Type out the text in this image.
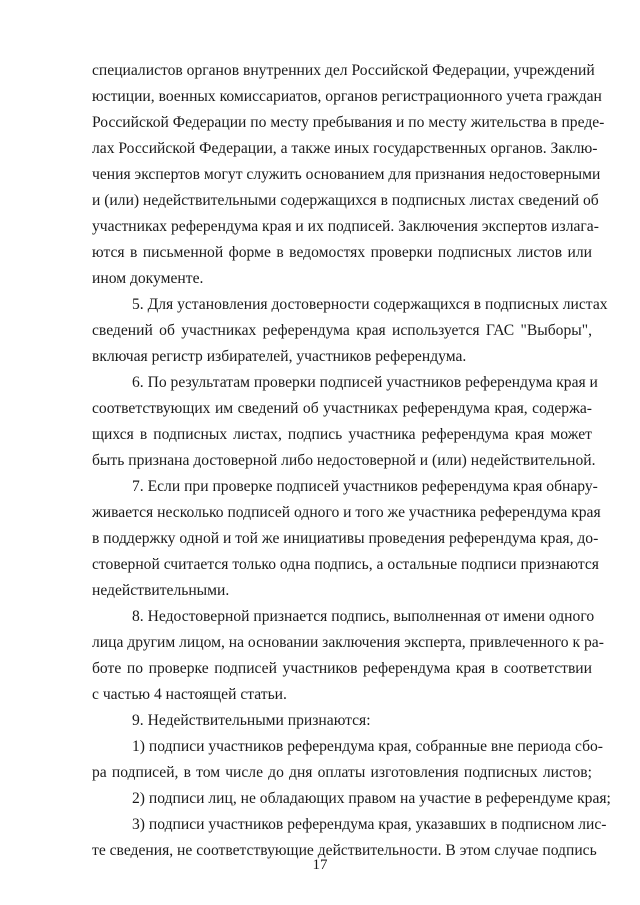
специалистов органов внутренних дел Российской Федерации, учреждений
юстиции, военных комиссариатов, органов регистрационного учета граждан
Российской Федерации по месту пребывания и по месту жительства в преде-
лах Российской Федерации, а также иных государственных органов. Заклю-
чения экспертов могут служить основанием для признания недостоверными
и (или) недействительными содержащихся в подписных листах сведений об
участниках референдума края и их подписей. Заключения экспертов излага-
ются в письменной форме в ведомостях проверки подписных листов или
ином документе.
5. Для установления достоверности содержащихся в подписных листах
сведений об участниках референдума края используется ГАС "Выборы",
включая регистр избирателей, участников референдума.
6. По результатам проверки подписей участников референдума края и
соответствующих им сведений об участниках референдума края, содержа-
щихся в подписных листах, подпись участника референдума края может
быть признана достоверной либо недостоверной и (или) недействительной.
7. Если при проверке подписей участников референдума края обнару-
живается несколько подписей одного и того же участника референдума края
в поддержку одной и той же инициативы проведения референдума края, до-
стоверной считается только одна подпись, а остальные подписи признаются
недействительными.
8. Недостоверной признается подпись, выполненная от имени одного
лица другим лицом, на основании заключения эксперта, привлеченного к ра-
боте по проверке подписей участников референдума края в соответствии
с частью 4 настоящей статьи.
9. Недействительными признаются:
1) подписи участников референдума края, собранные вне периода сбо-
ра подписей, в том числе до дня оплаты изготовления подписных листов;
2) подписи лиц, не обладающих правом на участие в референдуме края;
3) подписи участников референдума края, указавших в подписном лис-
те сведения, не соответствующие действительности. В этом случае подпись
17
